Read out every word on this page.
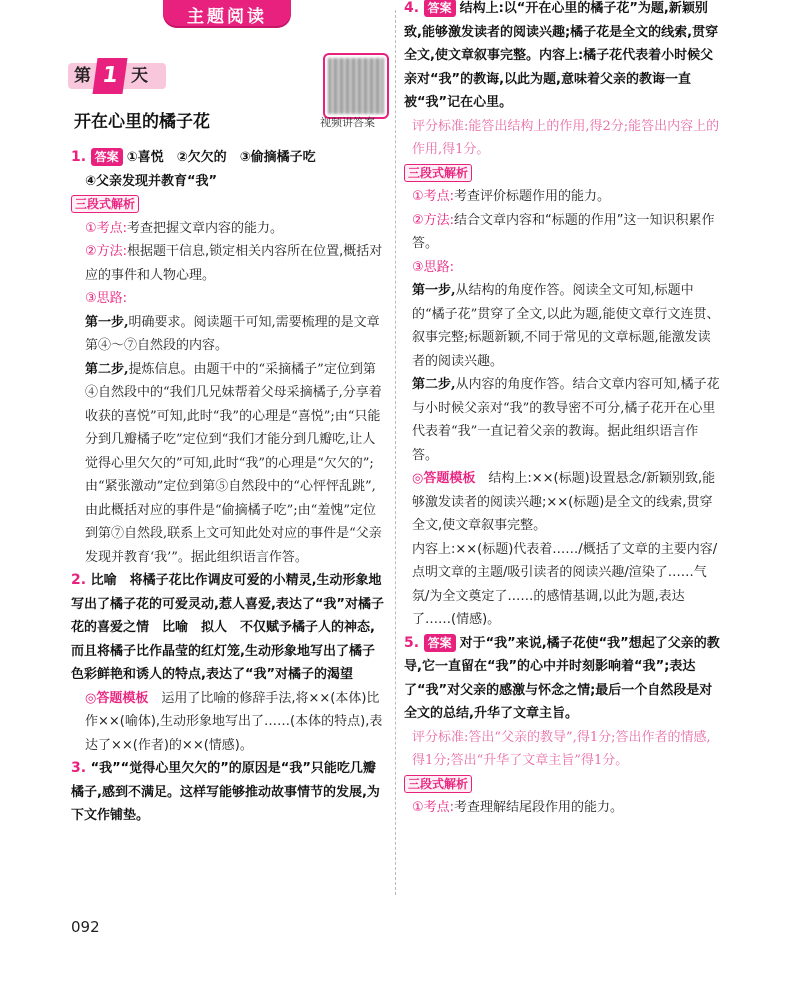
主题阅读
第 1 天
视频讲答案
开在心里的橘子花

1. 答案 ①喜悦　②欠欠的　③偷摘橘子吃

④父亲发现并教育“我”

三段式解析

①考点:考查把握文章内容的能力。

②方法:根据题干信息,锁定相关内容所在位置,概括对应的事件和人物心理。

③思路:

第一步,明确要求。阅读题干可知,需要梳理的是文章第④～⑦自然段的内容。

第二步,提炼信息。由题干中的“采摘橘子”定位到第④自然段中的“我们几兄妹帮着父母采摘橘子,分享着收获的喜悦”可知,此时“我”的心理是“喜悦”;由“只能分到几瓣橘子吃”定位到“我们才能分到几瓣吃,让人觉得心里欠欠的”可知,此时“我”的心理是“欠欠的”;由“紧张激动”定位到第⑤自然段中的“心怦怦乱跳”,由此概括对应的事件是“偷摘橘子吃”;由“羞愧”定位到第⑦自然段,联系上文可知此处对应的事件是“父亲发现并教育‘我’”。据此组织语言作答。

2. 比喻　将橘子花比作调皮可爱的小精灵,生动形象地写出了橘子花的可爱灵动,惹人喜爱,表达了“我”对橘子花的喜爱之情　比喻　拟人　不仅赋予橘子人的神态,而且将橘子比作晶莹的红灯笼,生动形象地写出了橘子色彩鲜艳和诱人的特点,表达了“我”对橘子的渴望

◎答题模板　运用了比喻的修辞手法,将××(本体)比作××(喻体),生动形象地写出了……(本体的特点),表达了××(作者)的××(情感)。

3. “我”“觉得心里欠欠的”的原因是“我”只能吃几瓣橘子,感到不满足。这样写能够推动故事情节的发展,为下文作铺垫。

4. 答案 结构上:以“开在心里的橘子花”为题,新颖别致,能够激发读者的阅读兴趣;橘子花是全文的线索,贯穿全文,使文章叙事完整。内容上:橘子花代表着小时候父亲对“我”的教诲,以此为题,意味着父亲的教诲一直被“我”记在心里。

评分标准:能答出结构上的作用,得2分;能答出内容上的作用,得1分。

三段式解析

①考点:考查评价标题作用的能力。

②方法:结合文章内容和“标题的作用”这一知识积累作答。

③思路:

第一步,从结构的角度作答。阅读全文可知,标题中的“橘子花”贯穿了全文,以此为题,能使文章行文连贯、叙事完整;标题新颖,不同于常见的文章标题,能激发读者的阅读兴趣。

第二步,从内容的角度作答。结合文章内容可知,橘子花与小时候父亲对“我”的教导密不可分,橘子花开在心里代表着“我”一直记着父亲的教诲。据此组织语言作答。

◎答题模板　结构上:××(标题)设置悬念/新颖别致,能够激发读者的阅读兴趣;××(标题)是全文的线索,贯穿全文,使文章叙事完整。

内容上:××(标题)代表着……/概括了文章的主要内容/点明文章的主题/吸引读者的阅读兴趣/渲染了……气氛/为全文奠定了……的感情基调,以此为题,表达了……(情感)。

5. 答案 对于“我”来说,橘子花使“我”想起了父亲的教导,它一直留在“我”的心中并时刻影响着“我”;表达了“我”对父亲的感激与怀念之情;最后一个自然段是对全文的总结,升华了文章主旨。

评分标准:答出“父亲的教导”,得1分;答出作者的情感,得1分;答出“升华了文章主旨”得1分。

三段式解析

①考点:考查理解结尾段作用的能力。

092
